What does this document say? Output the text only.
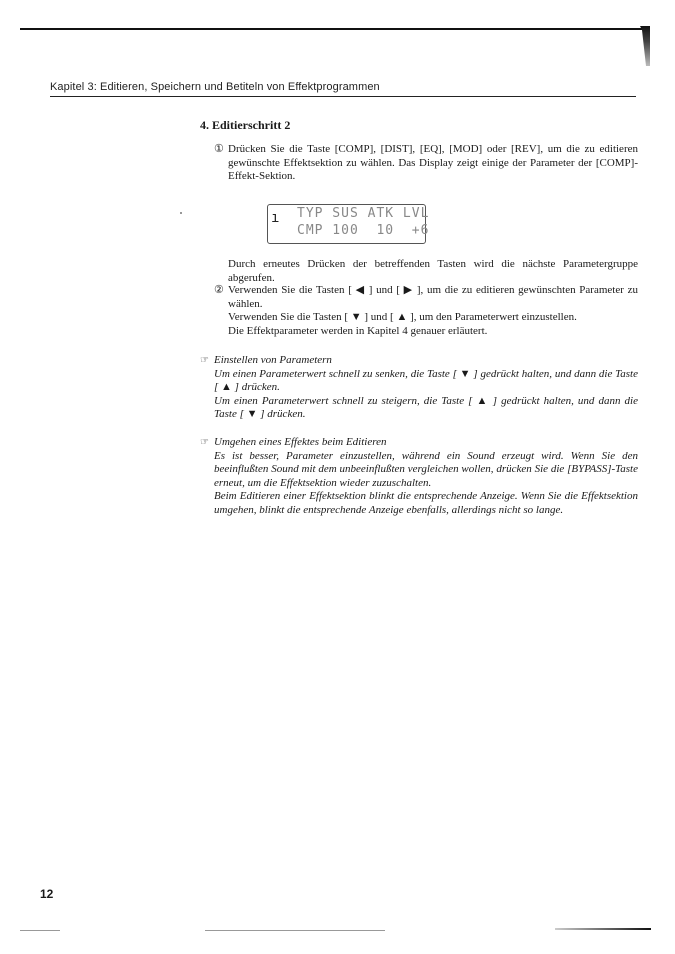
Kapitel 3: Editieren, Speichern und Betiteln von Effektprogrammen
4. Editierschritt 2
① Drücken Sie die Taste [COMP], [DIST], [EQ], [MOD] oder [REV], um die zu editieren gewünschte Effektsektion zu wählen. Das Display zeigt einige der Parameter der [COMP]-Effekt-Sektion.
ı TYP SUS ATK LVL
CMP 100  10  +6
Durch erneutes Drücken der betreffenden Tasten wird die nächste Parametergruppe abgerufen.
② Verwenden Sie die Tasten [ ◀ ] und [ ▶ ], um die zu editieren gewünschten Parameter zu wählen.
Verwenden Sie die Tasten [ ▼ ] und [ ▲ ], um den Parameterwert einzustellen.
Die Effektparameter werden in Kapitel 4 genauer erläutert.
☞ Einstellen von Parametern
Um einen Parameterwert schnell zu senken, die Taste [ ▼ ] gedrückt halten, und dann die Taste [ ▲ ] drücken.
Um einen Parameterwert schnell zu steigern, die Taste [ ▲ ] gedrückt halten, und dann die Taste [ ▼ ] drücken.
☞ Umgehen eines Effektes beim Editieren
Es ist besser, Parameter einzustellen, während ein Sound erzeugt wird. Wenn Sie den beeinflußten Sound mit dem unbeeinflußten vergleichen wollen, drücken Sie die [BYPASS]-Taste erneut, um die Effektsektion wieder zuzuschalten.
Beim Editieren einer Effektsektion blinkt die entsprechende Anzeige. Wenn Sie die Effektsektion umgehen, blinkt die entsprechende Anzeige ebenfalls, allerdings nicht so lange.
12
